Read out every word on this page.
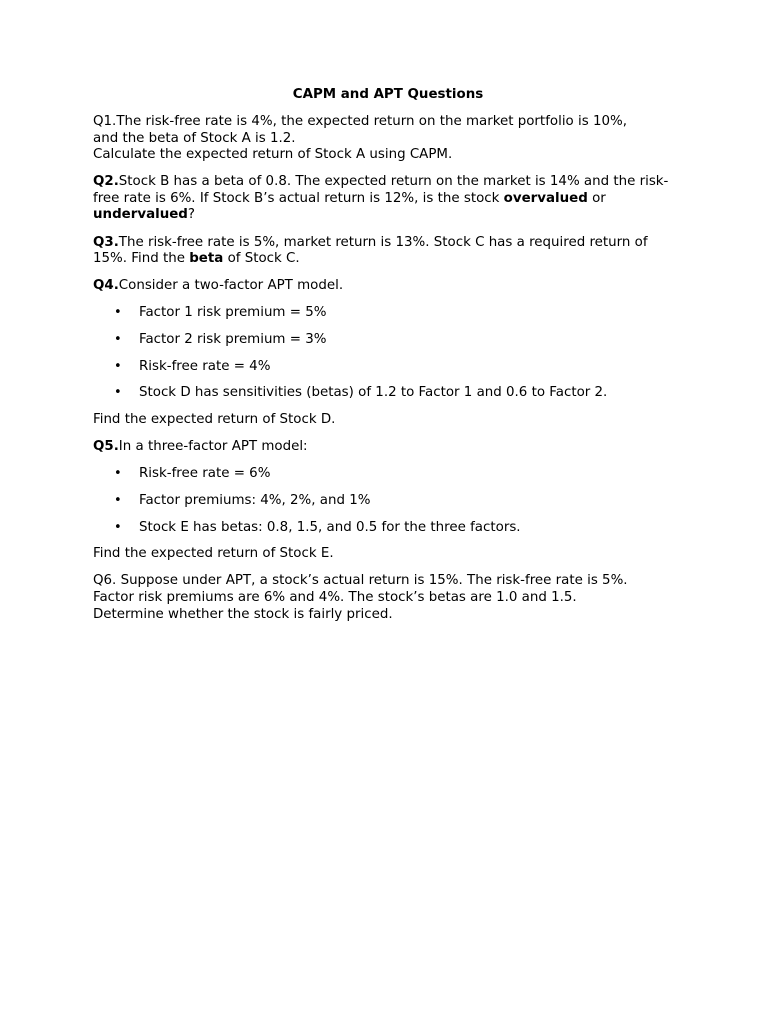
CAPM and APT Questions

Q1.The risk-free rate is 4%, the expected return on the market portfolio is 10%,
and the beta of Stock A is 1.2.
Calculate the expected return of Stock A using CAPM.

Q2.Stock B has a beta of 0.8. The expected return on the market is 14% and the risk-free rate is 6%. If Stock B’s actual return is 12%, is the stock overvalued or undervalued?

Q3.The risk-free rate is 5%, market return is 13%. Stock C has a required return of 15%. Find the beta of Stock C.

Q4.Consider a two-factor APT model.

• Factor 1 risk premium = 5%
• Factor 2 risk premium = 3%
• Risk-free rate = 4%
• Stock D has sensitivities (betas) of 1.2 to Factor 1 and 0.6 to Factor 2.

Find the expected return of Stock D.

Q5.In a three-factor APT model:

• Risk-free rate = 6%
• Factor premiums: 4%, 2%, and 1%
• Stock E has betas: 0.8, 1.5, and 0.5 for the three factors.

Find the expected return of Stock E.

Q6. Suppose under APT, a stock’s actual return is 15%. The risk-free rate is 5%.
Factor risk premiums are 6% and 4%. The stock’s betas are 1.0 and 1.5.
Determine whether the stock is fairly priced.
